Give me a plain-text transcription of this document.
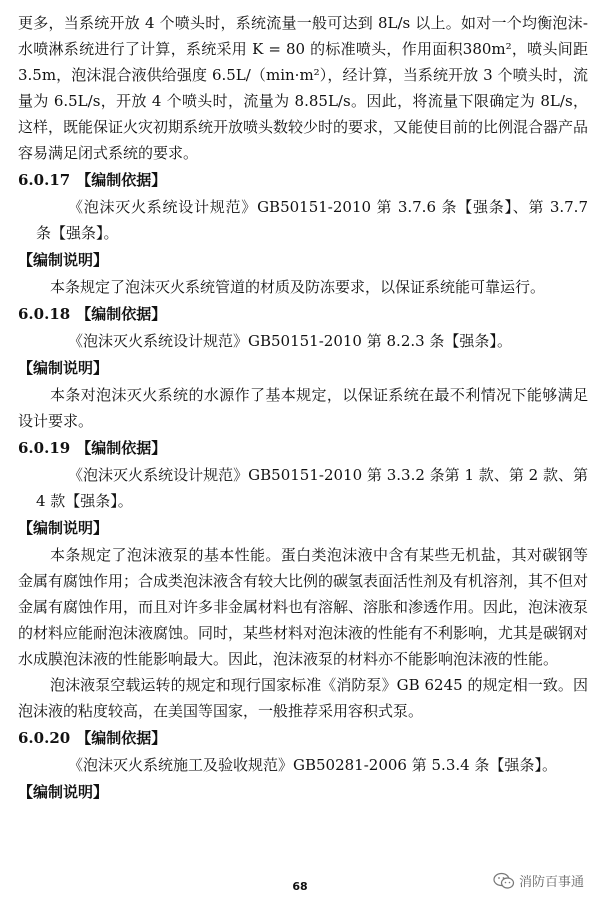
更多，当系统开放 4 个喷头时，系统流量一般可达到 8L/s 以上。如对一个均衡泡沫-水喷淋系统进行了计算，系统采用 K = 80 的标准喷头，作用面积380m²，喷头间距3.5m，泡沫混合液供给强度 6.5L/（min·m²），经计算，当系统开放 3 个喷头时，流量为 6.5L/s，开放 4 个喷头时，流量为 8.85L/s。因此，将流量下限确定为 8L/s，这样，既能保证火灾初期系统开放喷头数较少时的要求，又能使目前的比例混合器产品容易满足闭式系统的要求。

6.0.17 【编制依据】

《泡沫灭火系统设计规范》GB50151-2010 第 3.7.6 条【强条】、第 3.7.7 条【强条】。

【编制说明】

本条规定了泡沫灭火系统管道的材质及防冻要求，以保证系统能可靠运行。

6.0.18 【编制依据】

《泡沫灭火系统设计规范》GB50151-2010 第 8.2.3 条【强条】。

【编制说明】

本条对泡沫灭火系统的水源作了基本规定，以保证系统在最不利情况下能够满足设计要求。

6.0.19 【编制依据】

《泡沫灭火系统设计规范》GB50151-2010 第 3.3.2 条第 1 款、第 2 款、第 4 款【强条】。

【编制说明】

本条规定了泡沫液泵的基本性能。蛋白类泡沫液中含有某些无机盐，其对碳钢等金属有腐蚀作用；合成类泡沫液含有较大比例的碳氢表面活性剂及有机溶剂，其不但对金属有腐蚀作用，而且对许多非金属材料也有溶解、溶胀和渗透作用。因此，泡沫液泵的材料应能耐泡沫液腐蚀。同时，某些材料对泡沫液的性能有不利影响，尤其是碳钢对水成膜泡沫液的性能影响最大。因此，泡沫液泵的材料亦不能影响泡沫液的性能。

泡沫液泵空载运转的规定和现行国家标准《消防泵》GB 6245 的规定相一致。因泡沫液的粘度较高，在美国等国家，一般推荐采用容积式泵。

6.0.20 【编制依据】

《泡沫灭火系统施工及验收规范》GB50281-2006 第 5.3.4 条【强条】。

【编制说明】

68	消防百事通
